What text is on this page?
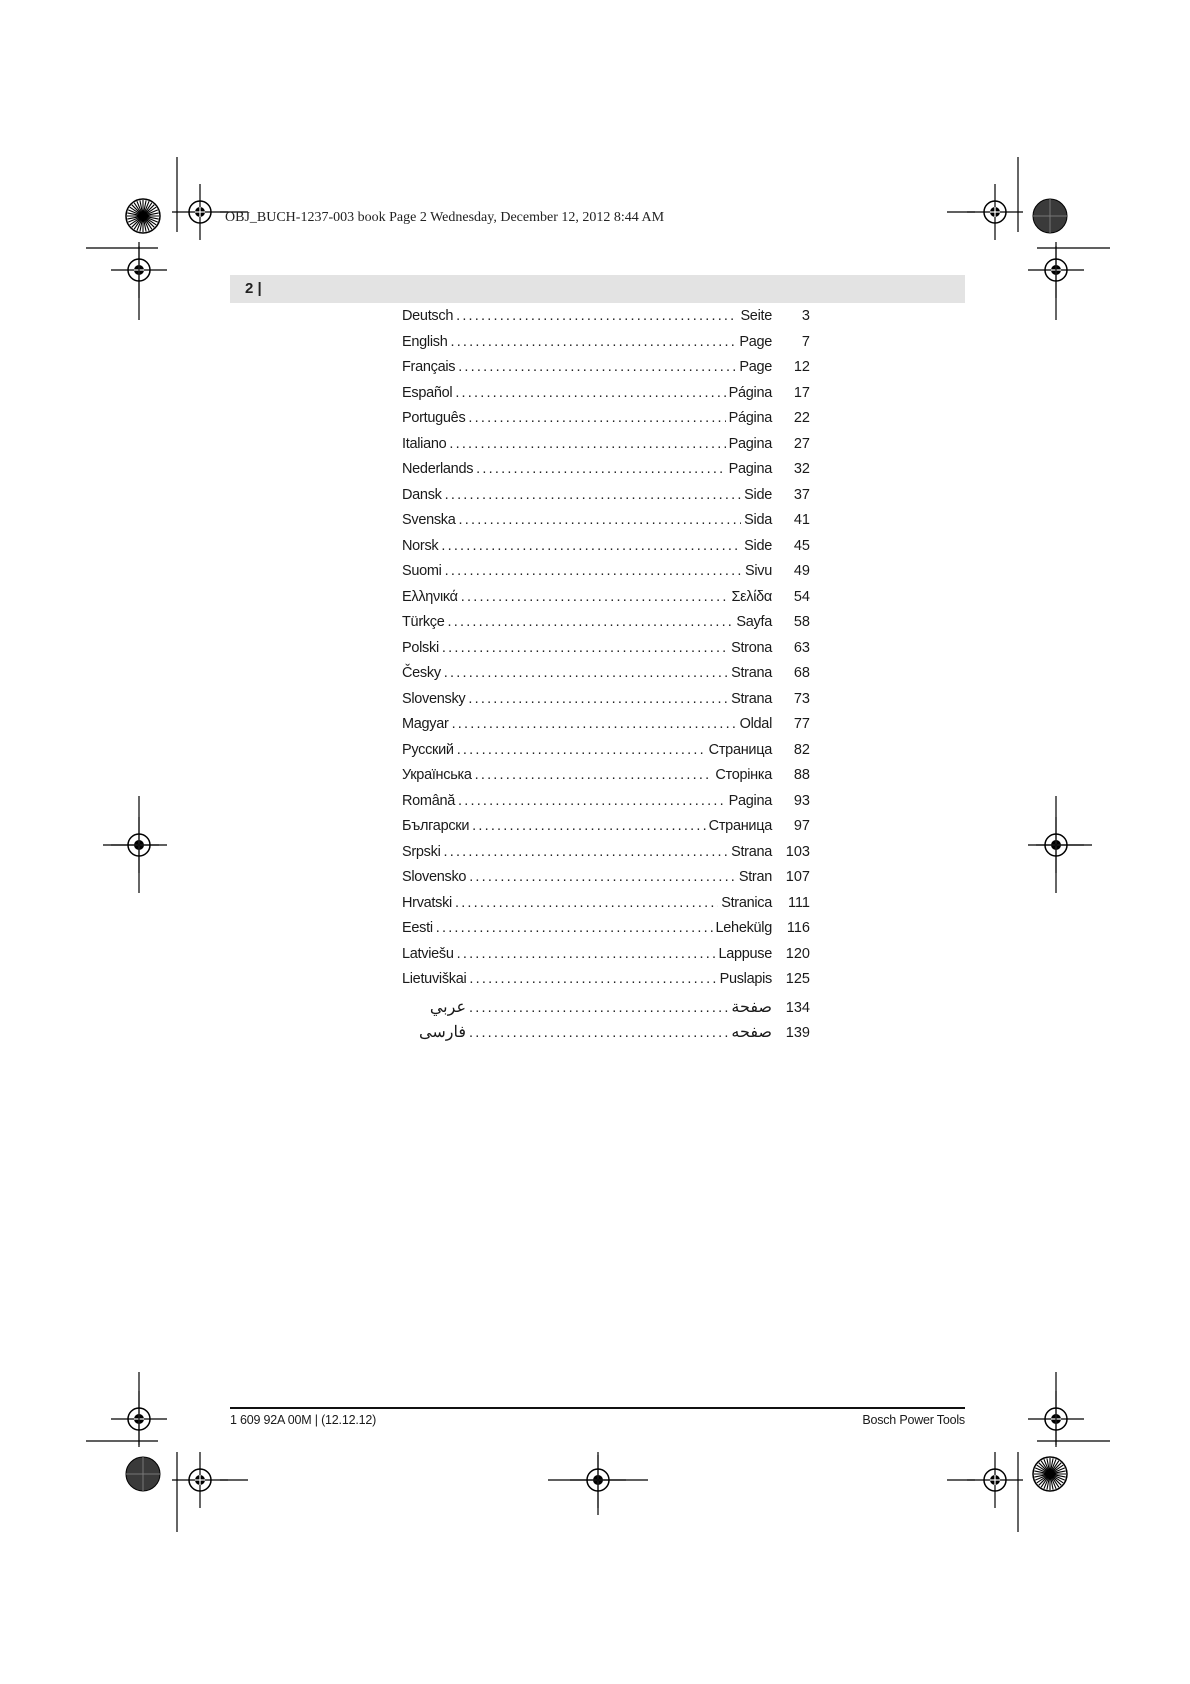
OBJ_BUCH-1237-003 book Page 2 Wednesday, December 12, 2012 8:44 AM
2 |
Deutsch .....	Seite	3
English .....	Page	7
Français .....	Page	12
Español .....	Página	17
Português .....	Página	22
Italiano .....	Pagina	27
Nederlands .....	Pagina	32
Dansk .....	Side	37
Svenska .....	Sida	41
Norsk .....	Side	45
Suomi .....	Sivu	49
Ελληνικά .....	Σελίδα	54
Türkçe .....	Sayfa	58
Polski .....	Strona	63
Česky .....	Strana	68
Slovensky .....	Strana	73
Magyar .....	Oldal	77
Русский .....	Страница	82
Українська .....	Сторінка	88
Română .....	Pagina	93
Български .....	Страница	97
Srpski .....	Strana 103
Slovensko .....	Stran 107
Hrvatski .....	Stranica	111
Eesti .....	Lehekülg	116
Latviešu .....	Lappuse 120
Lietuviškai .....	Puslapis 125
عربي .....	صفحة 134
فارسی .....	صفحه 139
1 609 92A 00M | (12.12.12)	Bosch Power Tools
